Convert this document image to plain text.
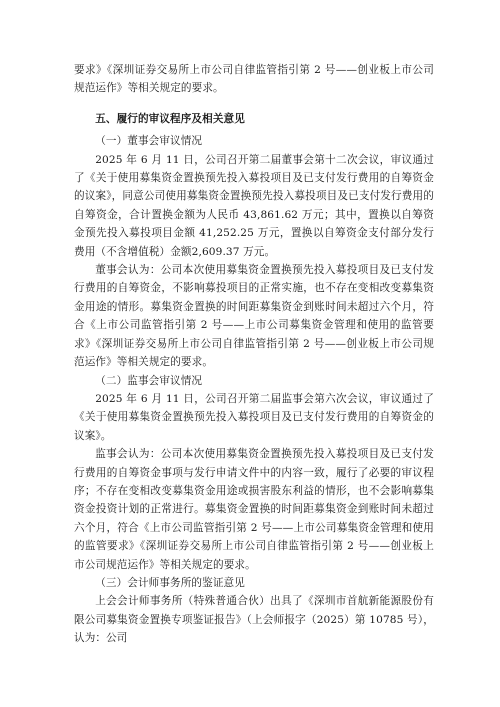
要求》《深圳证券交易所上市公司自律监管指引第 2 号——创业板上市公司规范运作》等相关规定的要求。

五、履行的审议程序及相关意见

（一）董事会审议情况

2025 年 6 月 11 日，公司召开第二届董事会第十二次会议，审议通过了《关于使用募集资金置换预先投入募投项目及已支付发行费用的自筹资金的议案》，同意公司使用募集资金置换预先投入募投项目及已支付发行费用的自筹资金，合计置换金额为人民币 43,861.62 万元；其中，置换以自筹资金预先投入募投项目金额 41,252.25 万元，置换以自筹资金支付部分发行费用（不含增值税）金额2,609.37 万元。

董事会认为：公司本次使用募集资金置换预先投入募投项目及已支付发行费用的自筹资金，不影响募投项目的正常实施，也不存在变相改变募集资金用途的情形。募集资金置换的时间距募集资金到账时间未超过六个月，符合《上市公司监管指引第 2 号——上市公司募集资金管理和使用的监管要求》《深圳证券交易所上市公司自律监管指引第 2 号——创业板上市公司规范运作》等相关规定的要求。

（二）监事会审议情况

2025 年 6 月 11 日，公司召开第二届监事会第六次会议，审议通过了《关于使用募集资金置换预先投入募投项目及已支付发行费用的自筹资金的议案》。

监事会认为：公司本次使用募集资金置换预先投入募投项目及已支付发行费用的自筹资金事项与发行申请文件中的内容一致，履行了必要的审议程序；不存在变相改变募集资金用途或损害股东利益的情形，也不会影响募集资金投资计划的正常进行。募集资金置换的时间距募集资金到账时间未超过六个月，符合《上市公司监管指引第 2 号——上市公司募集资金管理和使用的监管要求》《深圳证券交易所上市公司自律监管指引第 2 号——创业板上市公司规范运作》等相关规定的要求。

（三）会计师事务所的鉴证意见

上会会计师事务所（特殊普通合伙）出具了《深圳市首航新能源股份有限公司募集资金置换专项鉴证报告》（上会师报字（2025）第 10785 号），认为：公司
